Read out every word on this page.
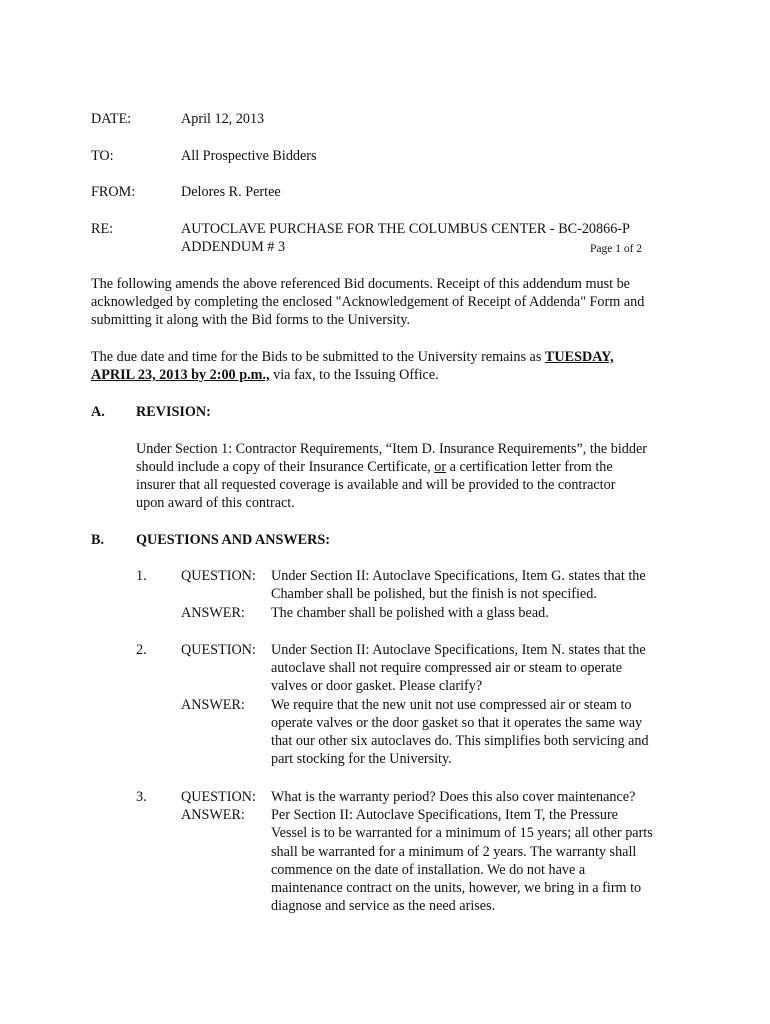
DATE:	April 12, 2013
TO:	All Prospective Bidders
FROM:	Delores R. Pertee
RE:	AUTOCLAVE PURCHASE FOR THE COLUMBUS CENTER - BC-20866-P
ADDENDUM # 3	Page 1 of 2
The following amends the above referenced Bid documents. Receipt of this addendum must be
acknowledged by completing the enclosed "Acknowledgement of Receipt of Addenda" Form and
submitting it along with the Bid forms to the University.
The due date and time for the Bids to be submitted to the University remains as TUESDAY,
APRIL 23, 2013 by 2:00 p.m., via fax, to the Issuing Office.
A. REVISION:
Under Section 1: Contractor Requirements, “Item D. Insurance Requirements”, the bidder
should include a copy of their Insurance Certificate, or a certification letter from the
insurer that all requested coverage is available and will be provided to the contractor
upon award of this contract.
B. QUESTIONS AND ANSWERS:
1. QUESTION: Under Section II: Autoclave Specifications, Item G. states that the
Chamber shall be polished, but the finish is not specified.
ANSWER: The chamber shall be polished with a glass bead.
2. QUESTION: Under Section II: Autoclave Specifications, Item N. states that the
autoclave shall not require compressed air or steam to operate
valves or door gasket. Please clarify?
ANSWER: We require that the new unit not use compressed air or steam to
operate valves or the door gasket so that it operates the same way
that our other six autoclaves do. This simplifies both servicing and
part stocking for the University.
3. QUESTION: What is the warranty period? Does this also cover maintenance?
ANSWER: Per Section II: Autoclave Specifications, Item T, the Pressure
Vessel is to be warranted for a minimum of 15 years; all other parts
shall be warranted for a minimum of 2 years. The warranty shall
commence on the date of installation. We do not have a
maintenance contract on the units, however, we bring in a firm to
diagnose and service as the need arises.
